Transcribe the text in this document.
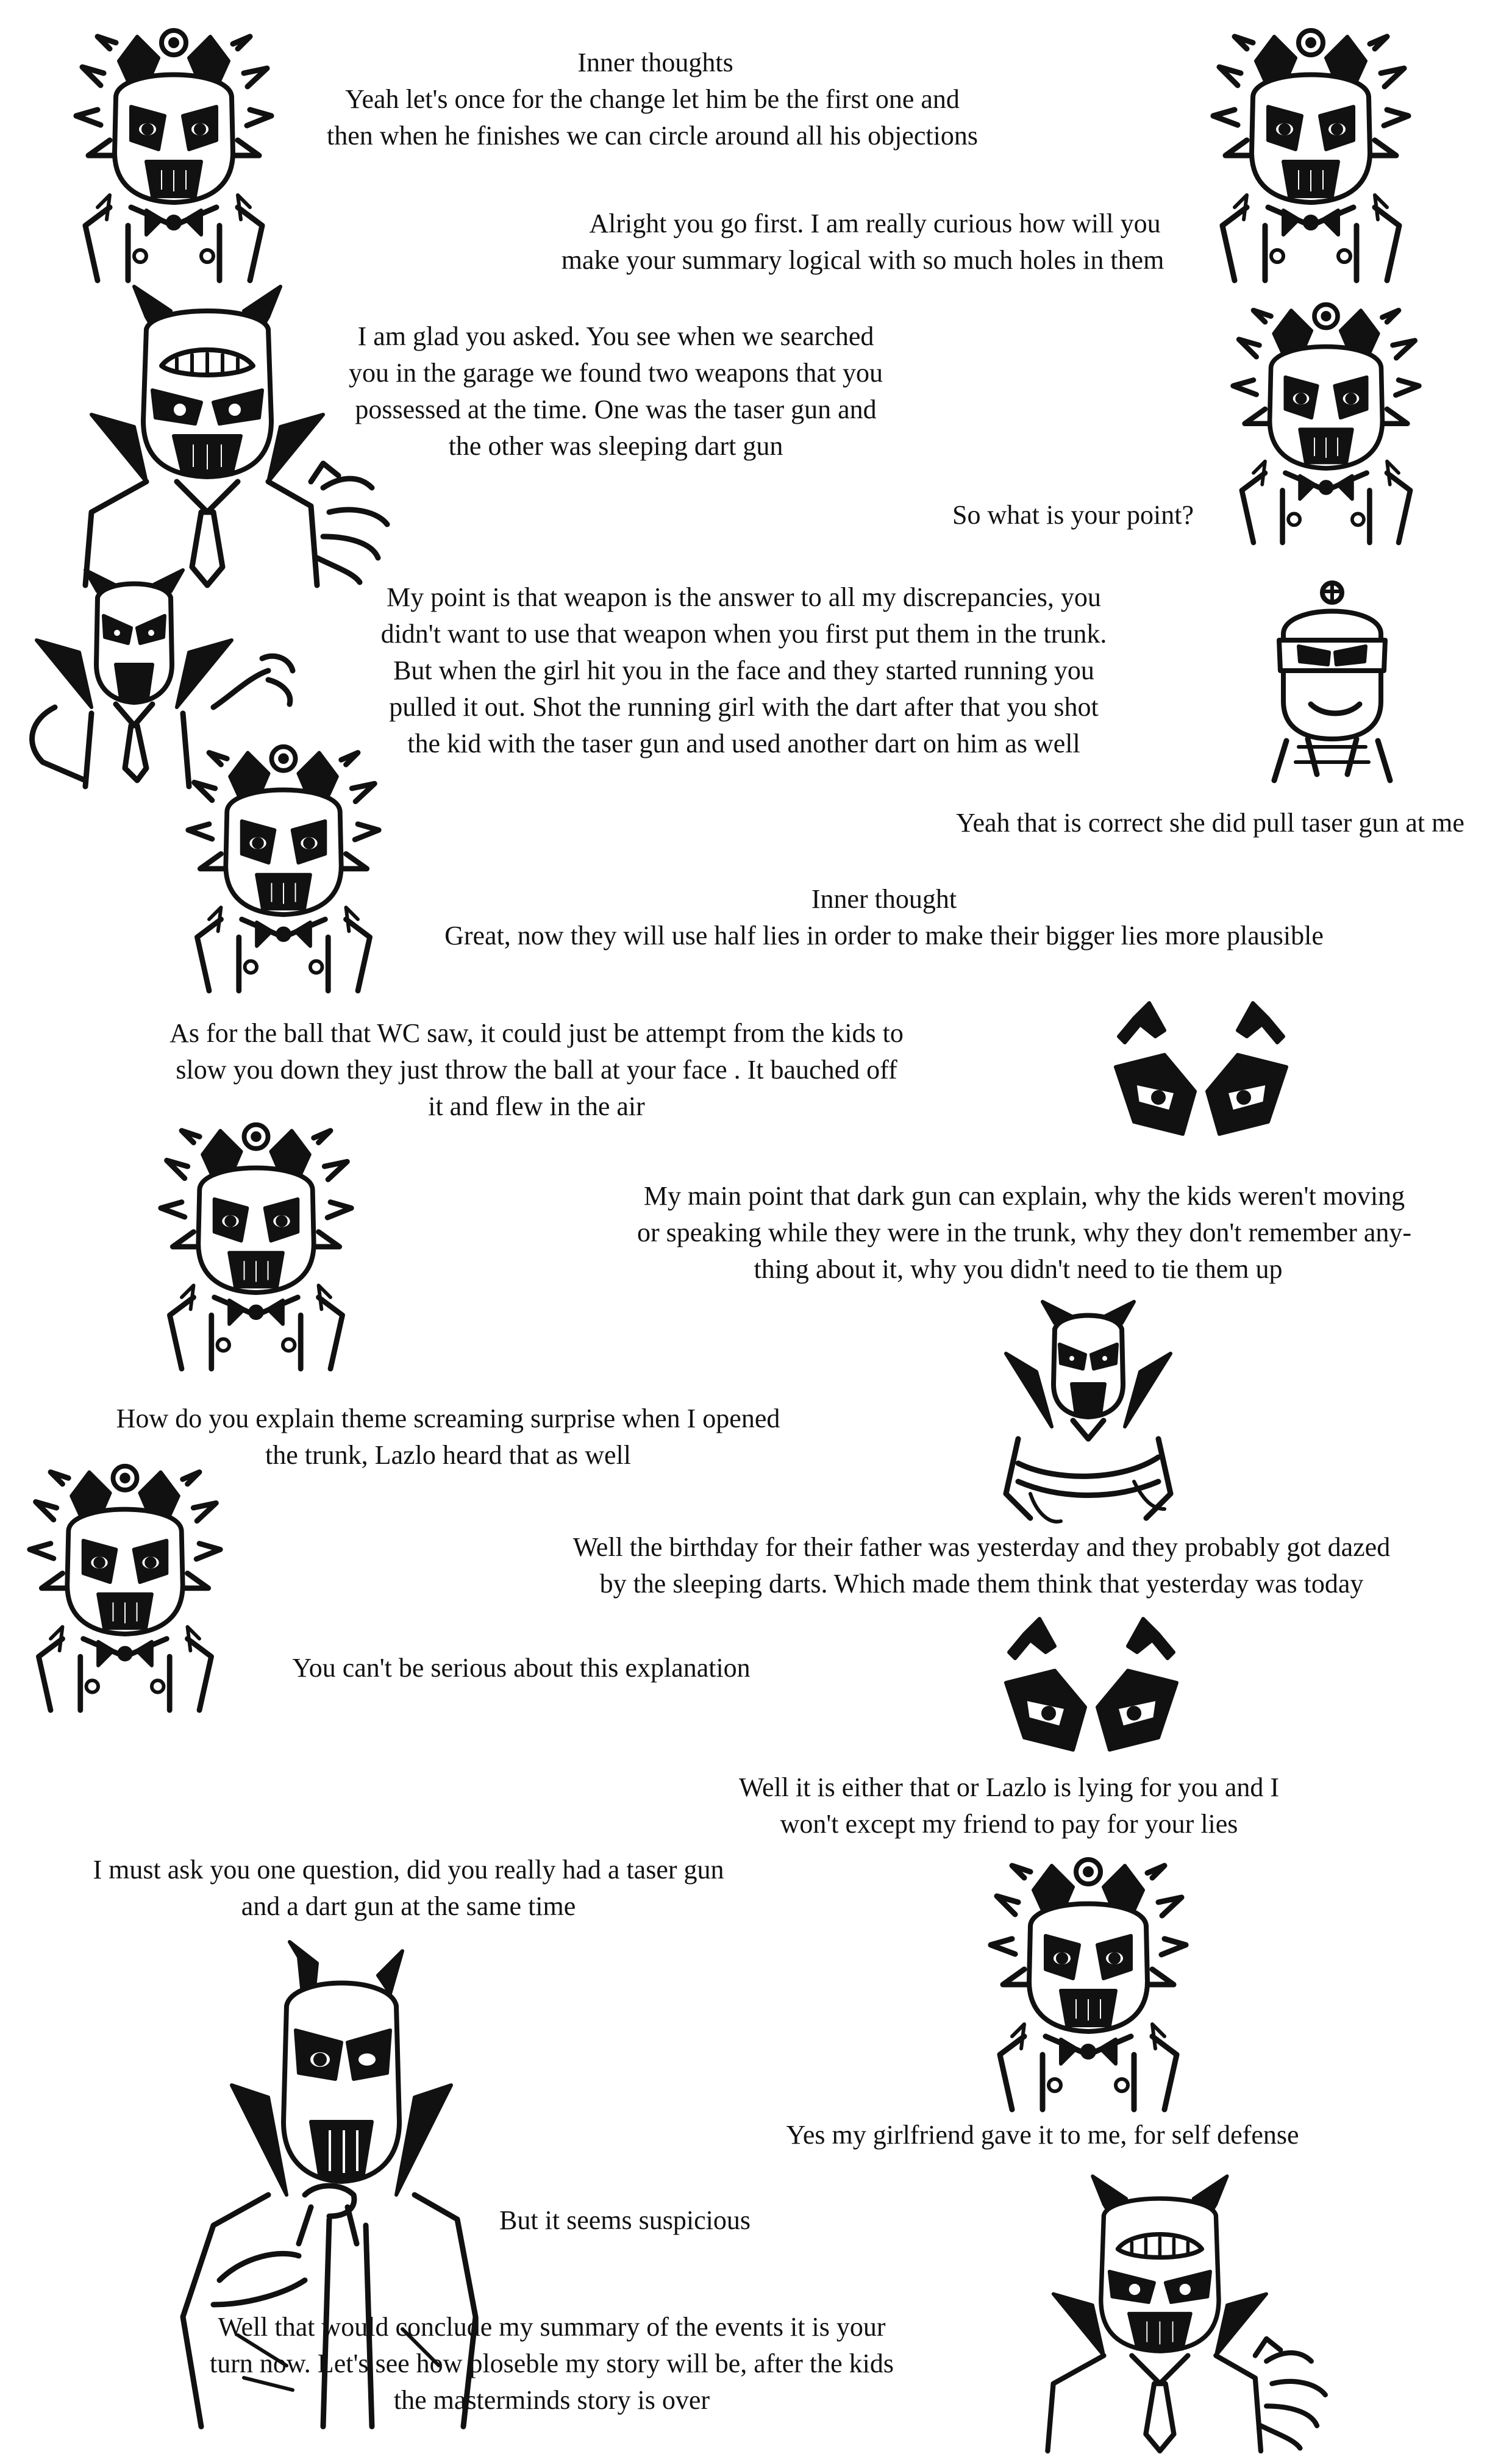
Inner thoughts
Yeah let's once for the change let him be the first one and
then when he finishes we can circle around all his objections
Alright you go first. I am really curious how will you
make your summary logical with so much holes in them
I am glad you asked. You see when we searched
you in the garage we found two weapons that you
possessed at the time. One was the taser gun and
the other was sleeping dart gun
So what is your point?
My point is that weapon is the answer to all my discrepancies, you
didn't want to use that weapon when you first put them in the trunk.
But when the girl hit you in the face and they started running you
pulled it out. Shot the running girl with the dart after that you shot
the kid with the taser gun and used another dart on him as well
Yeah that is correct she did pull taser gun at me
Inner thought
Great, now they will use half lies in order to make their bigger lies more plausible
As for the ball that WC saw, it could just be attempt from the kids to
slow you down they just throw the ball at your face . It bauched off
it and flew in the air
My main point that dark gun can explain, why the kids weren't moving
or speaking while they were in the trunk, why they don't remember any-
thing about it, why you didn't need to tie them up
How do you explain theme screaming surprise when I opened
the trunk, Lazlo heard that as well
Well the birthday for their father was yesterday and they probably got dazed
by the sleeping darts. Which made them think that yesterday was today
You can't be serious about this explanation
Well it is either that or Lazlo is lying for you and I
won't except my friend to pay for your lies
I must ask you one question, did you really had a taser gun
and a dart gun at the same time
Yes my girlfriend gave it to me, for self defense
But it seems suspicious
Well that would conclude my summary of the events it is your
turn now. Let's see how ploseble my story will be, after the kids
the masterminds story is over
